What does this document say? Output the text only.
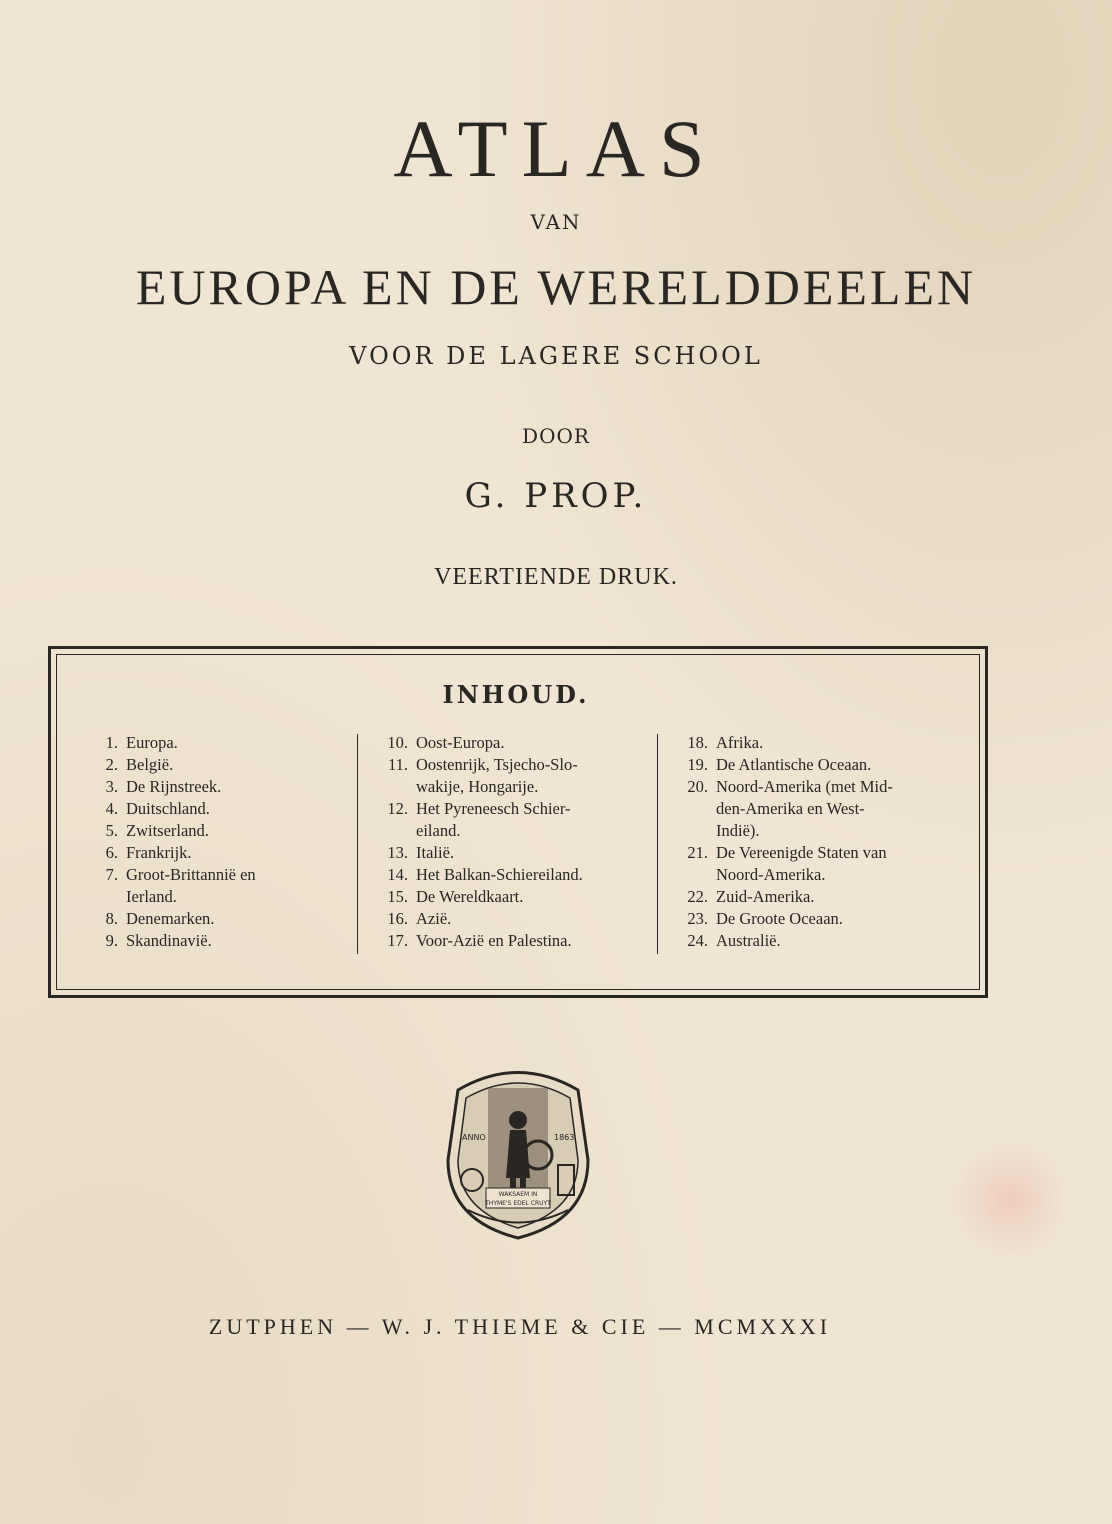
ATLAS
VAN
EUROPA EN DE WERELDDEELEN
VOOR DE LAGERE SCHOOL
DOOR
G. PROP.
VEERTIENDE DRUK.
INHOUD.
1. Europa.
2. België.
3. De Rijnstreek.
4. Duitschland.
5. Zwitserland.
6. Frankrijk.
7. Groot-Brittannië en
Ierland.
8. Denemarken.
9. Skandinavië.
10. Oost-Europa.
11. Oostenrijk, Tsjecho-Slo-
wakije, Hongarije.
12. Het Pyreneesch Schier-
eiland.
13. Italië.
14. Het Balkan-Schiereiland.
15. De Wereldkaart.
16. Azië.
17. Voor-Azië en Palestina.
18. Afrika.
19. De Atlantische Oceaan.
20. Noord-Amerika (met Mid-
den-Amerika en West-
Indië).
21. De Vereenigde Staten van
Noord-Amerika.
22. Zuid-Amerika.
23. De Groote Oceaan.
24. Australië.
ANNO	1863
WAKSAEM IN
THYME'S EDEL CRUYT
ZUTPHEN — W. J. THIEME & CIE — MCMXXXI
